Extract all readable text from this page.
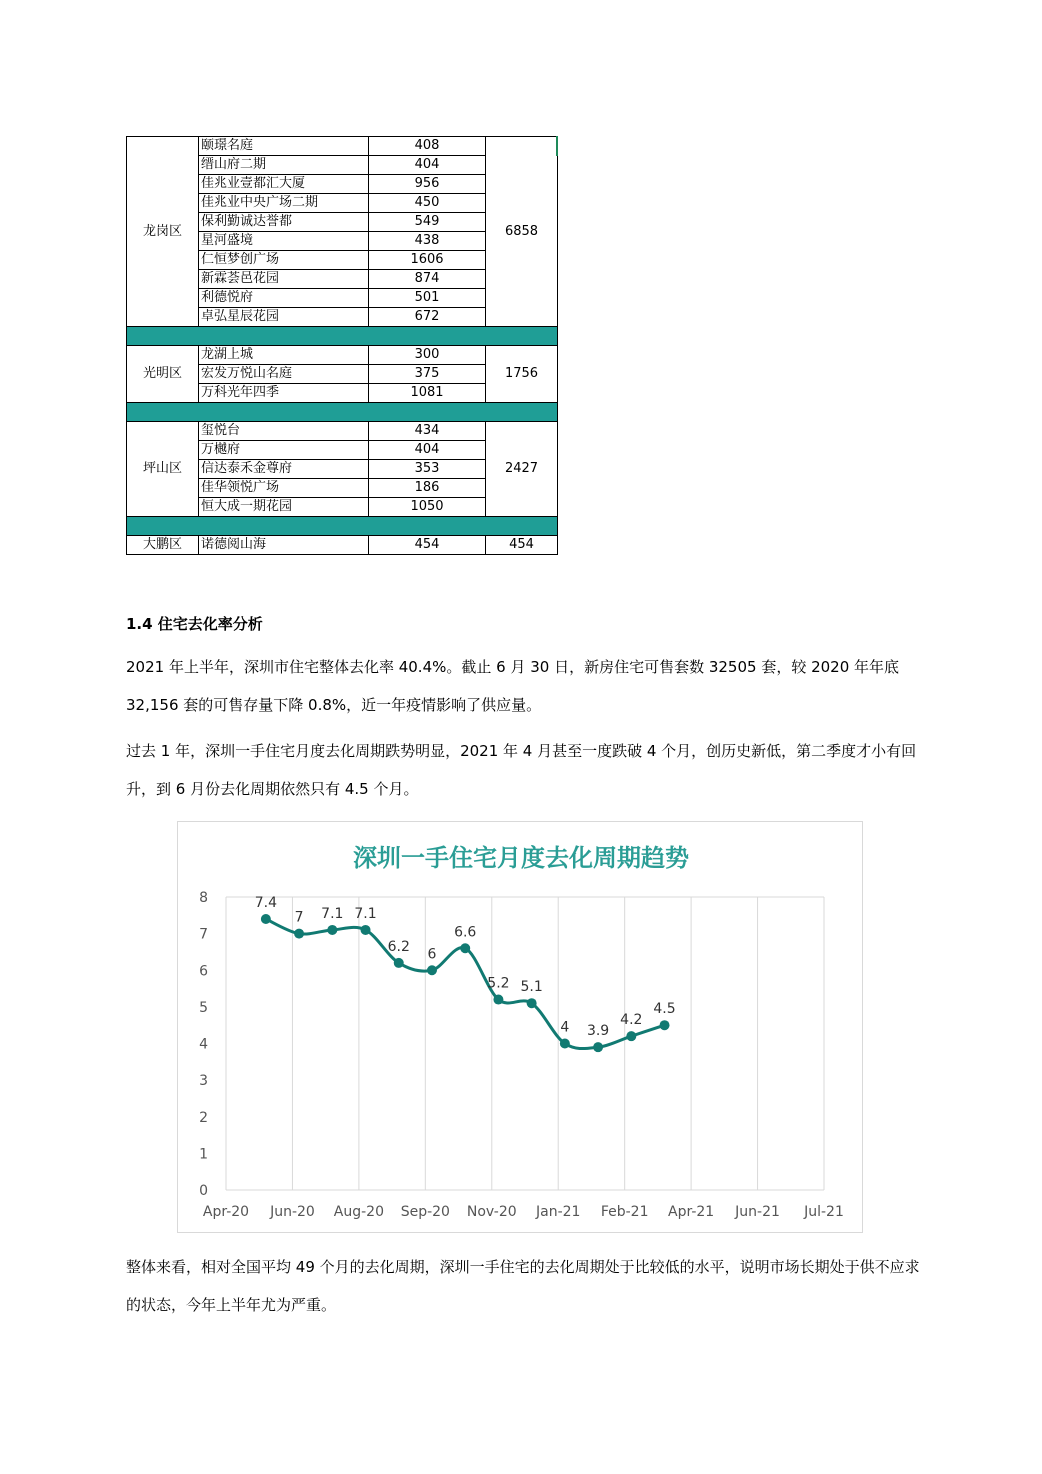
龙岗区	颐璟名庭	408	6858
	缙山府二期	404	
	佳兆业壹都汇大厦	956	
	佳兆业中央广场二期	450	
	保利勤诚达誉都	549	
	星河盛境	438	
	仁恒梦创广场	1606	
	新霖荟邑花园	874	
	利德悦府	501	
	卓弘星辰花园	672	

光明区	龙湖上城	300	1756
	宏发万悦山名庭	375	
	万科光年四季	1081	

坪山区	玺悦台	434	2427
	万樾府	404	
	信达泰禾金尊府	353	
	佳华领悦广场	186	
	恒大成一期花园	1050	

大鹏区	诺德阅山海	454	454
1.4 住宅去化率分析
2021 年上半年，深圳市住宅整体去化率 40.4%。截止 6 月 30 日，新房住宅可售套数 32505 套，较 2020 年年底 32,156 套的可售存量下降 0.8%，近一年疫情影响了供应量。
过去 1 年，深圳一手住宅月度去化周期跌势明显，2021 年 4 月甚至一度跌破 4 个月，创历史新低，第二季度才小有回升，到 6 月份去化周期依然只有 4.5 个月。
深圳一手住宅月度去化周期趋势
0
1
2
3
4
5
6
7
8
Apr-20 Jun-20 Aug-20 Sep-20 Nov-20 Jan-21 Feb-21 Apr-21 Jun-21 Jul-21
7.4
7 7.1 7.1
6.2 6
6.6
5.2 5.1
4 3.9
4.2
4.5
整体来看，相对全国平均 49 个月的去化周期，深圳一手住宅的去化周期处于比较低的水平，说明市场长期处于供不应求的状态，今年上半年尤为严重。
